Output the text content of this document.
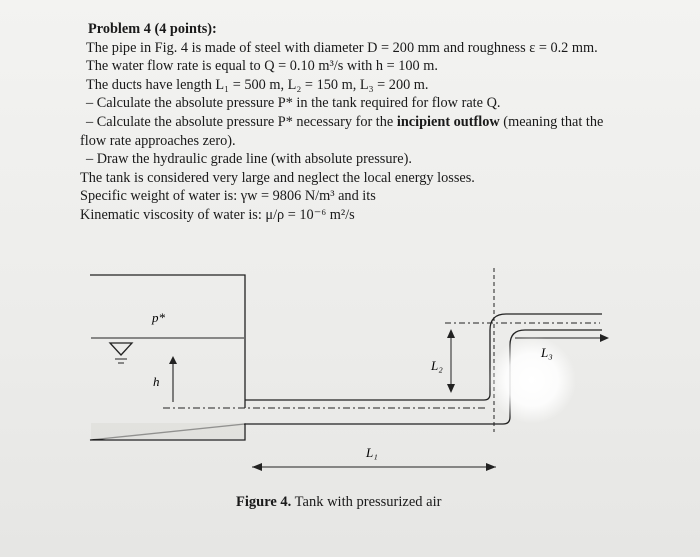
Problem 4 (4 points):
The pipe in Fig. 4 is made of steel with diameter D = 200 mm and roughness ε = 0.2 mm.
The water flow rate is equal to Q = 0.10 m³/s with h = 100 m.
The ducts have length L₁ = 500 m, L₂ = 150 m, L₃ = 200 m.
– Calculate the absolute pressure P* in the tank required for flow rate Q.
– Calculate the absolute pressure P* necessary for the incipient outflow (meaning that the
flow rate approaches zero).
– Draw the hydraulic grade line (with absolute pressure).
The tank is considered very large and neglect the local energy losses.
Specific weight of water is: γw = 9806 N/m³ and its
Kinematic viscosity of water is: μ/ρ = 10⁻⁶ m²/s
p*
h
L₂
L₃
L₁
Figure 4. Tank with pressurized air
